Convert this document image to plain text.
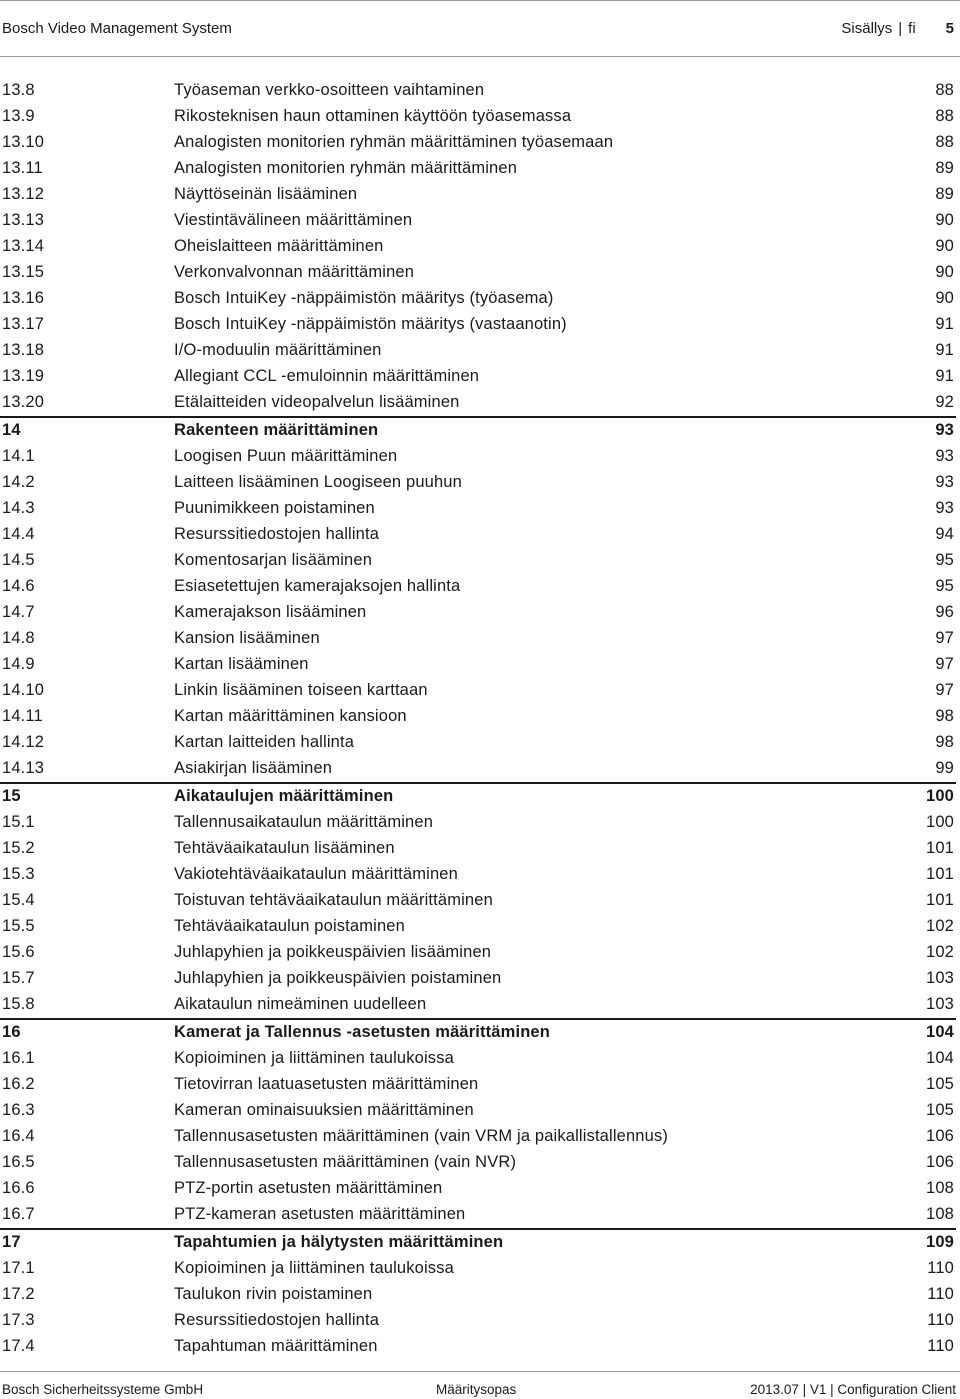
Bosch Video Management System	Sisällys | fi 5
13.8	Työaseman verkko-osoitteen vaihtaminen	88
13.9	Rikosteknisen haun ottaminen käyttöön työasemassa	88
13.10	Analogisten monitorien ryhmän määrittäminen työasemaan	88
13.11	Analogisten monitorien ryhmän määrittäminen	89
13.12	Näyttöseinän lisääminen	89
13.13	Viestintävälineen määrittäminen	90
13.14	Oheislaitteen määrittäminen	90
13.15	Verkonvalvonnan määrittäminen	90
13.16	Bosch IntuiKey -näppäimistön määritys (työasema)	90
13.17	Bosch IntuiKey -näppäimistön määritys (vastaanotin)	91
13.18	I/O-moduulin määrittäminen	91
13.19	Allegiant CCL -emuloinnin määrittäminen	91
13.20	Etälaitteiden videopalvelun lisääminen	92
14	Rakenteen määrittäminen	93
14.1	Loogisen Puun määrittäminen	93
14.2	Laitteen lisääminen Loogiseen puuhun	93
14.3	Puunimikkeen poistaminen	93
14.4	Resurssitiedostojen hallinta	94
14.5	Komentosarjan lisääminen	95
14.6	Esiasetettujen kamerajaksojen hallinta	95
14.7	Kamerajakson lisääminen	96
14.8	Kansion lisääminen	97
14.9	Kartan lisääminen	97
14.10	Linkin lisääminen toiseen karttaan	97
14.11	Kartan määrittäminen kansioon	98
14.12	Kartan laitteiden hallinta	98
14.13	Asiakirjan lisääminen	99
15	Aikataulujen määrittäminen	100
15.1	Tallennusaikataulun määrittäminen	100
15.2	Tehtäväaikataulun lisääminen	101
15.3	Vakiotehtäväaikataulun määrittäminen	101
15.4	Toistuvan tehtäväaikataulun määrittäminen	101
15.5	Tehtäväaikataulun poistaminen	102
15.6	Juhlapyhien ja poikkeuspäivien lisääminen	102
15.7	Juhlapyhien ja poikkeuspäivien poistaminen	103
15.8	Aikataulun nimeäminen uudelleen	103
16	Kamerat ja Tallennus -asetusten määrittäminen	104
16.1	Kopioiminen ja liittäminen taulukoissa	104
16.2	Tietovirran laatuasetusten määrittäminen	105
16.3	Kameran ominaisuuksien määrittäminen	105
16.4	Tallennusasetusten määrittäminen (vain VRM ja paikallistallennus)	106
16.5	Tallennusasetusten määrittäminen (vain NVR)	106
16.6	PTZ-portin asetusten määrittäminen	108
16.7	PTZ-kameran asetusten määrittäminen	108
17	Tapahtumien ja hälytysten määrittäminen	109
17.1	Kopioiminen ja liittäminen taulukoissa	110
17.2	Taulukon rivin poistaminen	110
17.3	Resurssitiedostojen hallinta	110
17.4	Tapahtuman määrittäminen	110
Bosch Sicherheitssysteme GmbH	Määritysopas	2013.07 | V1 | Configuration Client
